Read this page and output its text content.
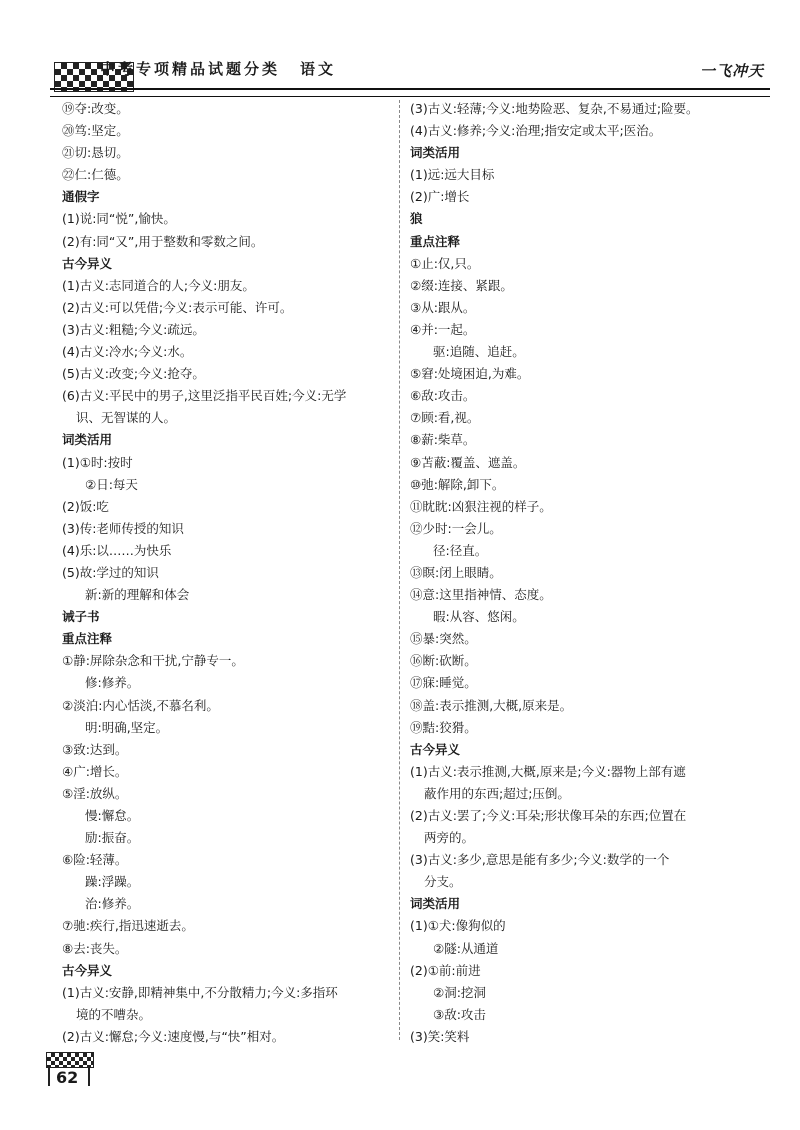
中考专项精品试题分类 语文	一飞冲天
⑲夺:改变。
⑳笃:坚定。
㉑切:恳切。
㉒仁:仁德。
通假字
(1)说:同“悦”,愉快。
(2)有:同“又”,用于整数和零数之间。
古今异义
(1)古义:志同道合的人;今义:朋友。
(2)古义:可以凭借;今义:表示可能、许可。
(3)古义:粗糙;今义:疏远。
(4)古义:冷水;今义:水。
(5)古义:改变;今义:抢夺。
(6)古义:平民中的男子,这里泛指平民百姓;今义:无学
识、无智谋的人。
词类活用
(1)①时:按时
②日:每天
(2)饭:吃
(3)传:老师传授的知识
(4)乐:以……为快乐
(5)故:学过的知识
新:新的理解和体会
诫子书
重点注释
①静:屏除杂念和干扰,宁静专一。
修:修养。
②淡泊:内心恬淡,不慕名利。
明:明确,坚定。
③致:达到。
④广:增长。
⑤淫:放纵。
慢:懈怠。
励:振奋。
⑥险:轻薄。
躁:浮躁。
治:修养。
⑦驰:疾行,指迅速逝去。
⑧去:丧失。
古今异义
(1)古义:安静,即精神集中,不分散精力;今义:多指环
境的不嘈杂。
(2)古义:懈怠;今义:速度慢,与“快”相对。
(3)古义:轻薄;今义:地势险恶、复杂,不易通过;险要。
(4)古义:修养;今义:治理;指安定或太平;医治。
词类活用
(1)远:远大目标
(2)广:增长
狼
重点注释
①止:仅,只。
②缀:连接、紧跟。
③从:跟从。
④并:一起。
驱:追随、追赶。
⑤窘:处境困迫,为难。
⑥敌:攻击。
⑦顾:看,视。
⑧薪:柴草。
⑨苫蔽:覆盖、遮盖。
⑩弛:解除,卸下。
⑪眈眈:凶狠注视的样子。
⑫少时:一会儿。
径:径直。
⑬瞑:闭上眼睛。
⑭意:这里指神情、态度。
暇:从容、悠闲。
⑮暴:突然。
⑯断:砍断。
⑰寐:睡觉。
⑱盖:表示推测,大概,原来是。
⑲黠:狡猾。
古今异义
(1)古义:表示推测,大概,原来是;今义:器物上部有遮
蔽作用的东西;超过;压倒。
(2)古义:罢了;今义:耳朵;形状像耳朵的东西;位置在
两旁的。
(3)古义:多少,意思是能有多少;今义:数学的一个
分支。
词类活用
(1)①犬:像狗似的
②隧:从通道
(2)①前:前进
②洞:挖洞
③敌:攻击
(3)笑:笑料
62
